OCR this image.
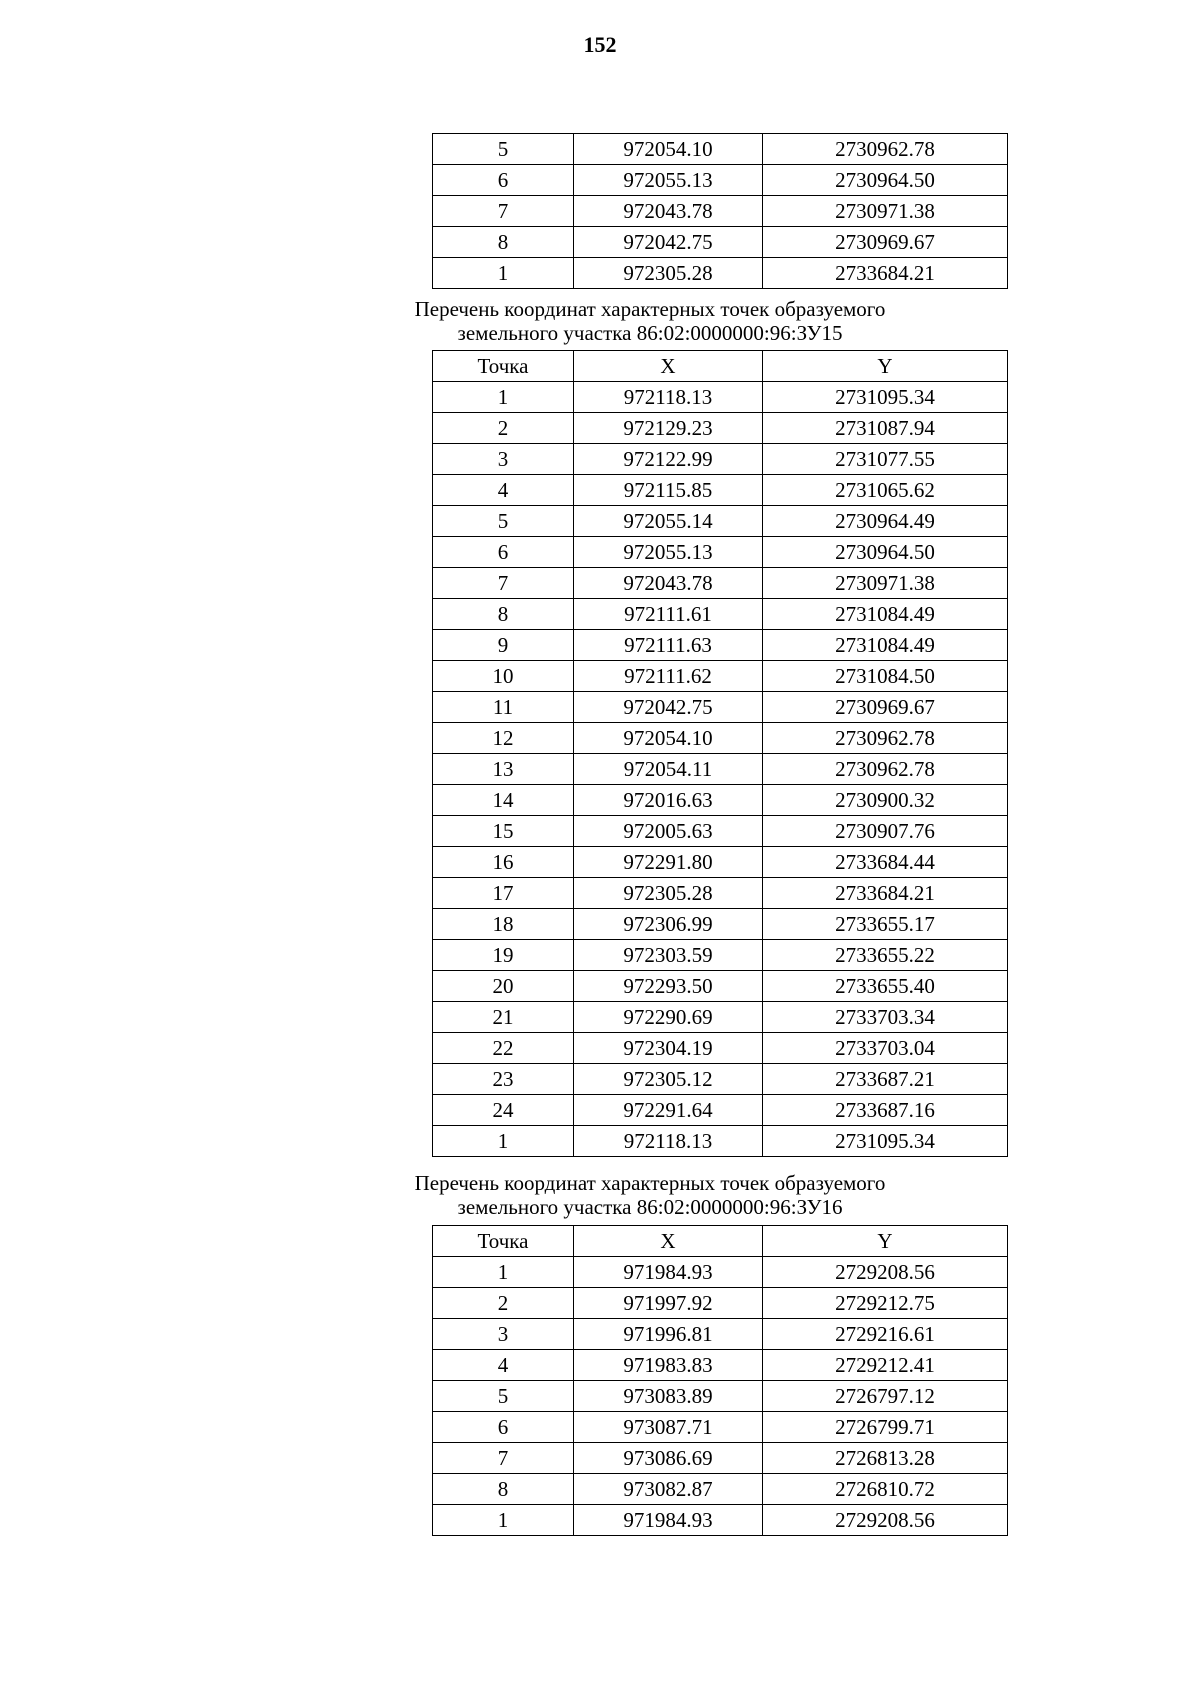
152
5	972054.10	2730962.78
6	972055.13	2730964.50
7	972043.78	2730971.38
8	972042.75	2730969.67
1	972305.28	2733684.21
Перечень координат характерных точек образуемого
земельного участка 86:02:0000000:96:ЗУ15
Точка	X	Y
1	972118.13	2731095.34
2	972129.23	2731087.94
3	972122.99	2731077.55
4	972115.85	2731065.62
5	972055.14	2730964.49
6	972055.13	2730964.50
7	972043.78	2730971.38
8	972111.61	2731084.49
9	972111.63	2731084.49
10	972111.62	2731084.50
11	972042.75	2730969.67
12	972054.10	2730962.78
13	972054.11	2730962.78
14	972016.63	2730900.32
15	972005.63	2730907.76
16	972291.80	2733684.44
17	972305.28	2733684.21
18	972306.99	2733655.17
19	972303.59	2733655.22
20	972293.50	2733655.40
21	972290.69	2733703.34
22	972304.19	2733703.04
23	972305.12	2733687.21
24	972291.64	2733687.16
1	972118.13	2731095.34
Перечень координат характерных точек образуемого
земельного участка 86:02:0000000:96:ЗУ16
Точка	X	Y
1	971984.93	2729208.56
2	971997.92	2729212.75
3	971996.81	2729216.61
4	971983.83	2729212.41
5	973083.89	2726797.12
6	973087.71	2726799.71
7	973086.69	2726813.28
8	973082.87	2726810.72
1	971984.93	2729208.56
